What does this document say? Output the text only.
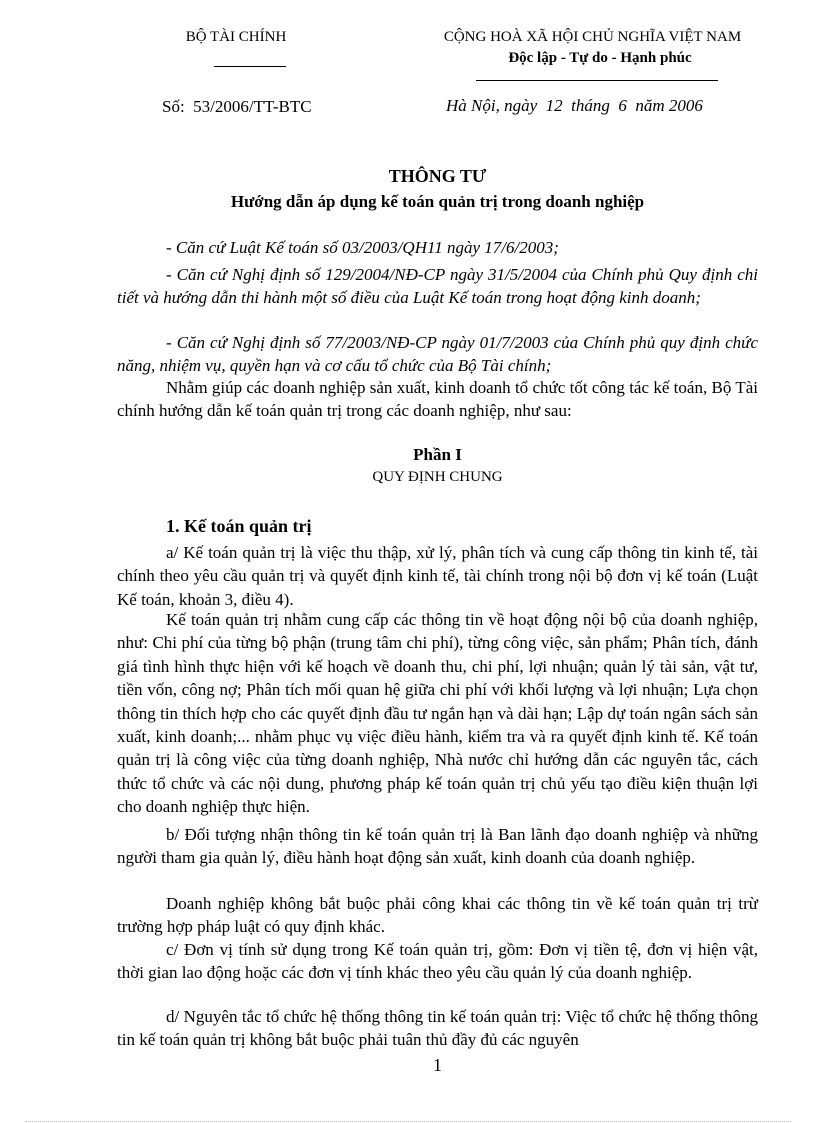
BỘ TÀI CHÍNH	CỘNG HOÀ XÃ HỘI CHỦ NGHĨA VIỆT NAM
Độc lập - Tự do - Hạnh phúc
Số:  53/2006/TT-BTC	Hà Nội, ngày  12  tháng  6  năm 2006
THÔNG TƯ
Hướng dẫn áp dụng kế toán quản trị trong doanh nghiệp

- Căn cứ Luật Kế toán số 03/2003/QH11 ngày 17/6/2003;

- Căn cứ Nghị định số 129/2004/NĐ-CP ngày 31/5/2004 của Chính phủ Quy định chi tiết và hướng dẫn thi hành một số điều của Luật Kế toán trong hoạt động kinh doanh;

- Căn cứ Nghị định số 77/2003/NĐ-CP ngày 01/7/2003 của Chính phủ quy định chức năng, nhiệm vụ, quyền hạn và cơ cấu tổ chức của Bộ Tài chính;

Nhằm giúp các doanh nghiệp sản xuất, kinh doanh tổ chức tốt công tác kế toán, Bộ Tài chính hướng dẫn kế toán quản trị trong các doanh nghiệp, như sau:

Phần I
QUY ĐỊNH CHUNG
1. Kế toán quản trị

a/ Kế toán quản trị là việc thu thập, xử lý, phân tích và cung cấp thông tin kinh tế, tài chính theo yêu cầu quản trị và quyết định kinh tế, tài chính trong nội bộ đơn vị kế toán (Luật Kế toán, khoản 3, điều 4).

Kế toán quản trị nhằm cung cấp các thông tin về hoạt động nội bộ của doanh nghiệp, như: Chi phí của từng bộ phận (trung tâm chi phí), từng công việc, sản phẩm; Phân tích, đánh giá tình hình thực hiện với kế hoạch về doanh thu, chi phí, lợi nhuận; quản lý tài sản, vật tư, tiền vốn, công nợ; Phân tích mối quan hệ giữa chi phí với khối lượng và lợi nhuận; Lựa chọn thông tin thích hợp cho các quyết định đầu tư ngắn hạn và dài hạn; Lập dự toán ngân sách sản xuất, kinh doanh;... nhằm phục vụ việc điều hành, kiểm tra và ra quyết định kinh tế. Kế toán quản trị là công việc của từng doanh nghiệp, Nhà nước chỉ hướng dẫn các nguyên tắc, cách thức tổ chức và các nội dung, phương pháp kế toán quản trị chủ yếu tạo điều kiện thuận lợi cho doanh nghiệp thực hiện.

b/ Đối tượng nhận thông tin kế toán quản trị là Ban lãnh đạo doanh nghiệp và những người tham gia quản lý, điều hành hoạt động sản xuất, kinh doanh của doanh nghiệp.

Doanh nghiệp không bắt buộc phải công khai các thông tin về kế toán quản trị trừ trường hợp pháp luật có quy định khác.

c/ Đơn vị tính sử dụng trong Kế toán quản trị, gồm: Đơn vị tiền tệ, đơn vị hiện vật, thời gian lao động hoặc các đơn vị tính khác theo yêu cầu quản lý của doanh nghiệp.

d/ Nguyên tắc tổ chức hệ thống thông tin kế toán quản trị: Việc tổ chức hệ thống thông tin kế toán quản trị không bắt buộc phải tuân thủ đầy đủ các nguyên

1
